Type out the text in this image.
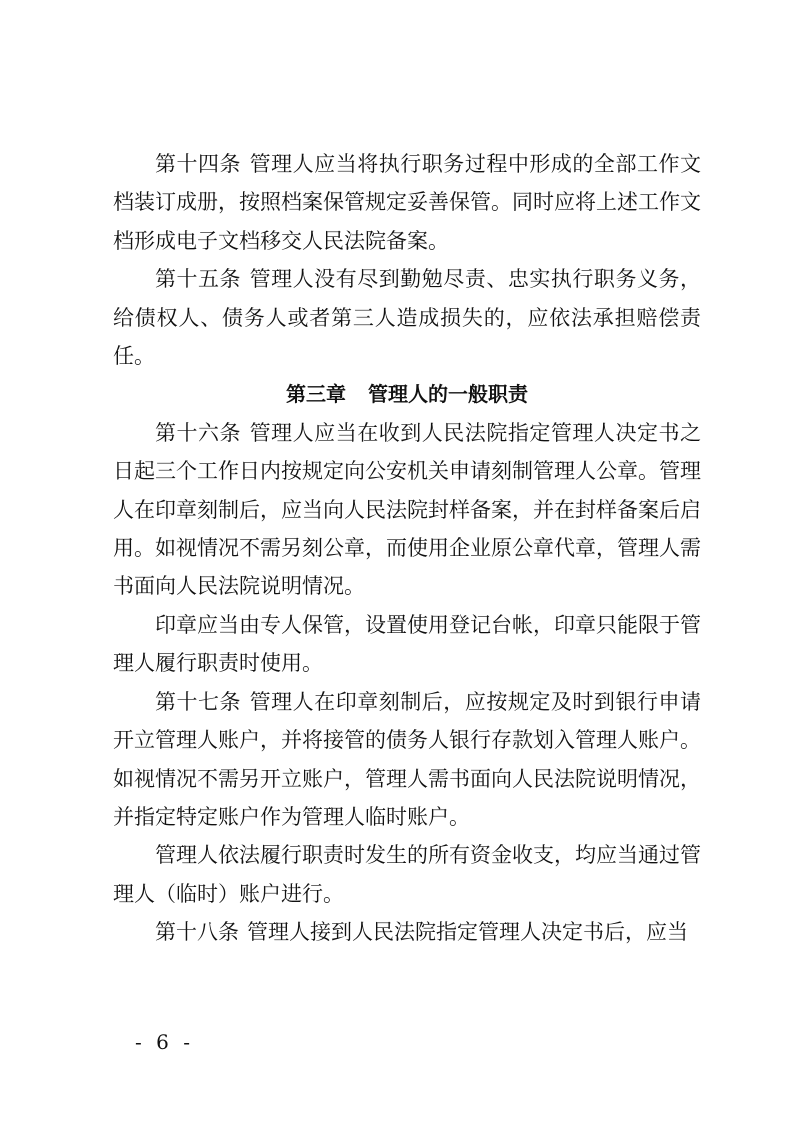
第十四条 管理人应当将执行职务过程中形成的全部工作文档装订成册，按照档案保管规定妥善保管。同时应将上述工作文档形成电子文档移交人民法院备案。

第十五条 管理人没有尽到勤勉尽责、忠实执行职务义务，给债权人、债务人或者第三人造成损失的，应依法承担赔偿责任。

第三章 管理人的一般职责

第十六条 管理人应当在收到人民法院指定管理人决定书之日起三个工作日内按规定向公安机关申请刻制管理人公章。管理人在印章刻制后，应当向人民法院封样备案，并在封样备案后启用。如视情况不需另刻公章，而使用企业原公章代章，管理人需书面向人民法院说明情况。

印章应当由专人保管，设置使用登记台帐，印章只能限于管理人履行职责时使用。

第十七条 管理人在印章刻制后，应按规定及时到银行申请开立管理人账户，并将接管的债务人银行存款划入管理人账户。如视情况不需另开立账户，管理人需书面向人民法院说明情况，并指定特定账户作为管理人临时账户。

管理人依法履行职责时发生的所有资金收支，均应当通过管理人（临时）账户进行。

第十八条 管理人接到人民法院指定管理人决定书后，应当

- 6 -
